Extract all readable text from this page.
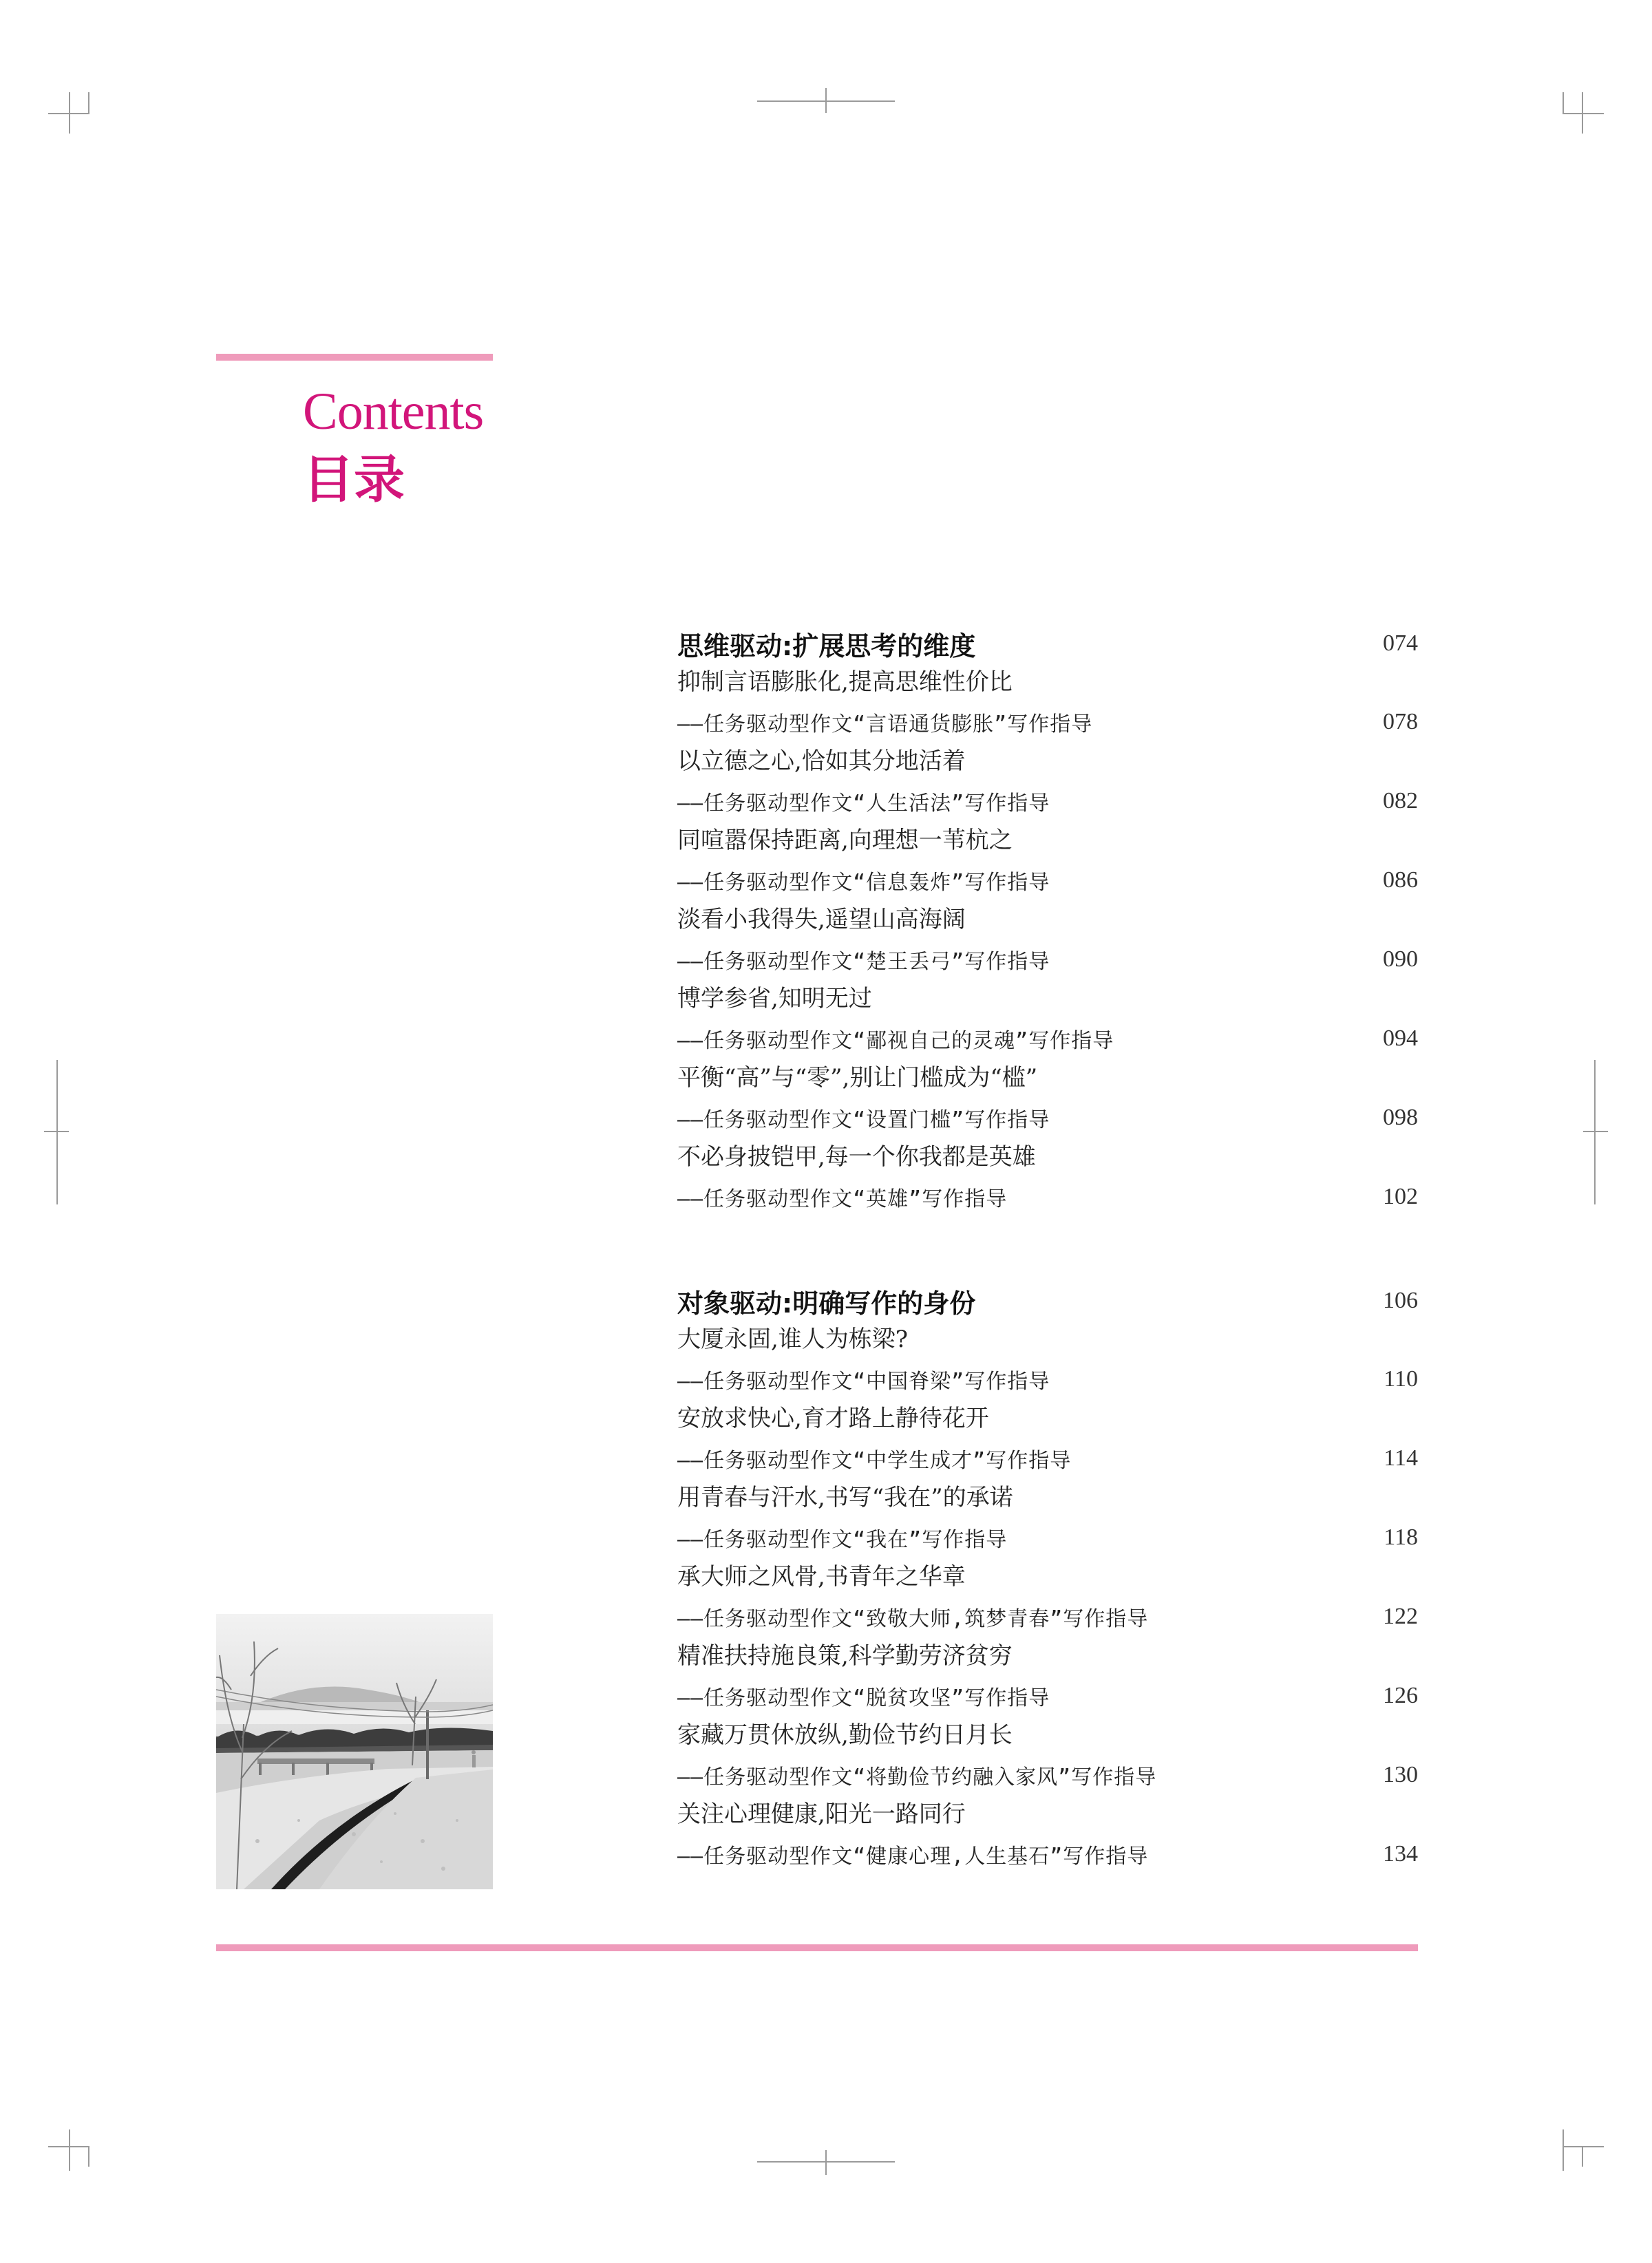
Contents
目录
思维驱动:扩展思考的维度	074
抑制言语膨胀化,提高思维性价比
——任务驱动型作文“言语通货膨胀”写作指导	078
以立德之心,恰如其分地活着
——任务驱动型作文“人生活法”写作指导	082
同喧嚣保持距离,向理想一苇杭之
——任务驱动型作文“信息轰炸”写作指导	086
淡看小我得失,遥望山高海阔
——任务驱动型作文“楚王丢弓”写作指导	090
博学参省,知明无过
——任务驱动型作文“鄙视自己的灵魂”写作指导	094
平衡“高”与“零”,别让门槛成为“槛”
——任务驱动型作文“设置门槛”写作指导	098
不必身披铠甲,每一个你我都是英雄
——任务驱动型作文“英雄”写作指导	102
对象驱动:明确写作的身份	106
大厦永固,谁人为栋梁?
——任务驱动型作文“中国脊梁”写作指导	110
安放求快心,育才路上静待花开
——任务驱动型作文“中学生成才”写作指导	114
用青春与汗水,书写“我在”的承诺
——任务驱动型作文“我在”写作指导	118
承大师之风骨,书青年之华章
——任务驱动型作文“致敬大师,筑梦青春”写作指导	122
精准扶持施良策,科学勤劳济贫穷
——任务驱动型作文“脱贫攻坚”写作指导	126
家藏万贯休放纵,勤俭节约日月长
——任务驱动型作文“将勤俭节约融入家风”写作指导	130
关注心理健康,阳光一路同行
——任务驱动型作文“健康心理,人生基石”写作指导	134
